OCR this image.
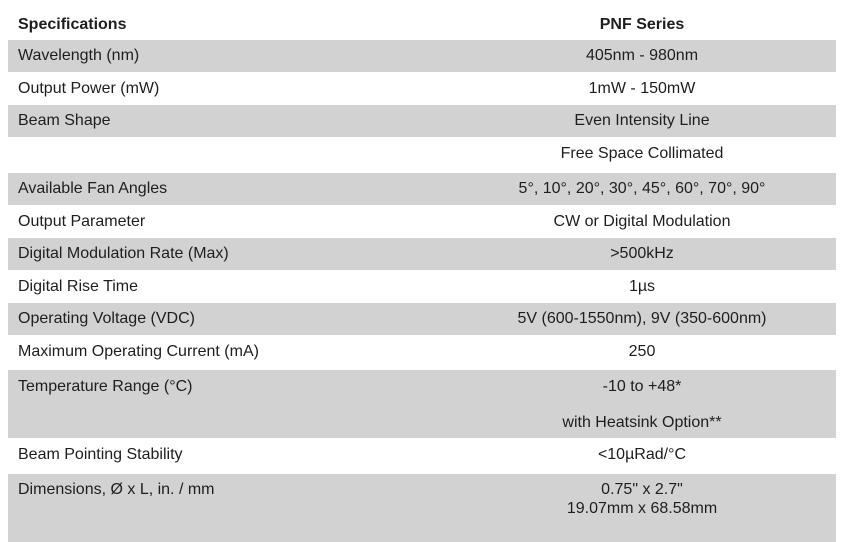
Specifications	PNF Series
Wavelength (nm)	405nm - 980nm
Output Power (mW)	1mW - 150mW
Beam Shape	Even Intensity Line
Free Space Collimated
Available Fan Angles	5°, 10°, 20°, 30°, 45°, 60°, 70°, 90°
Output Parameter	CW or Digital Modulation
Digital Modulation Rate (Max)	>500kHz
Digital Rise Time	1µs
Operating Voltage (VDC)	5V (600-1550nm), 9V (350-600nm)
Maximum Operating Current (mA)	250
Temperature Range (°C)	-10 to +48*
with Heatsink Option**
Beam Pointing Stability	<10µRad/°C
Dimensions, Ø x L, in. / mm	0.75" x 2.7"
19.07mm x 68.58mm
